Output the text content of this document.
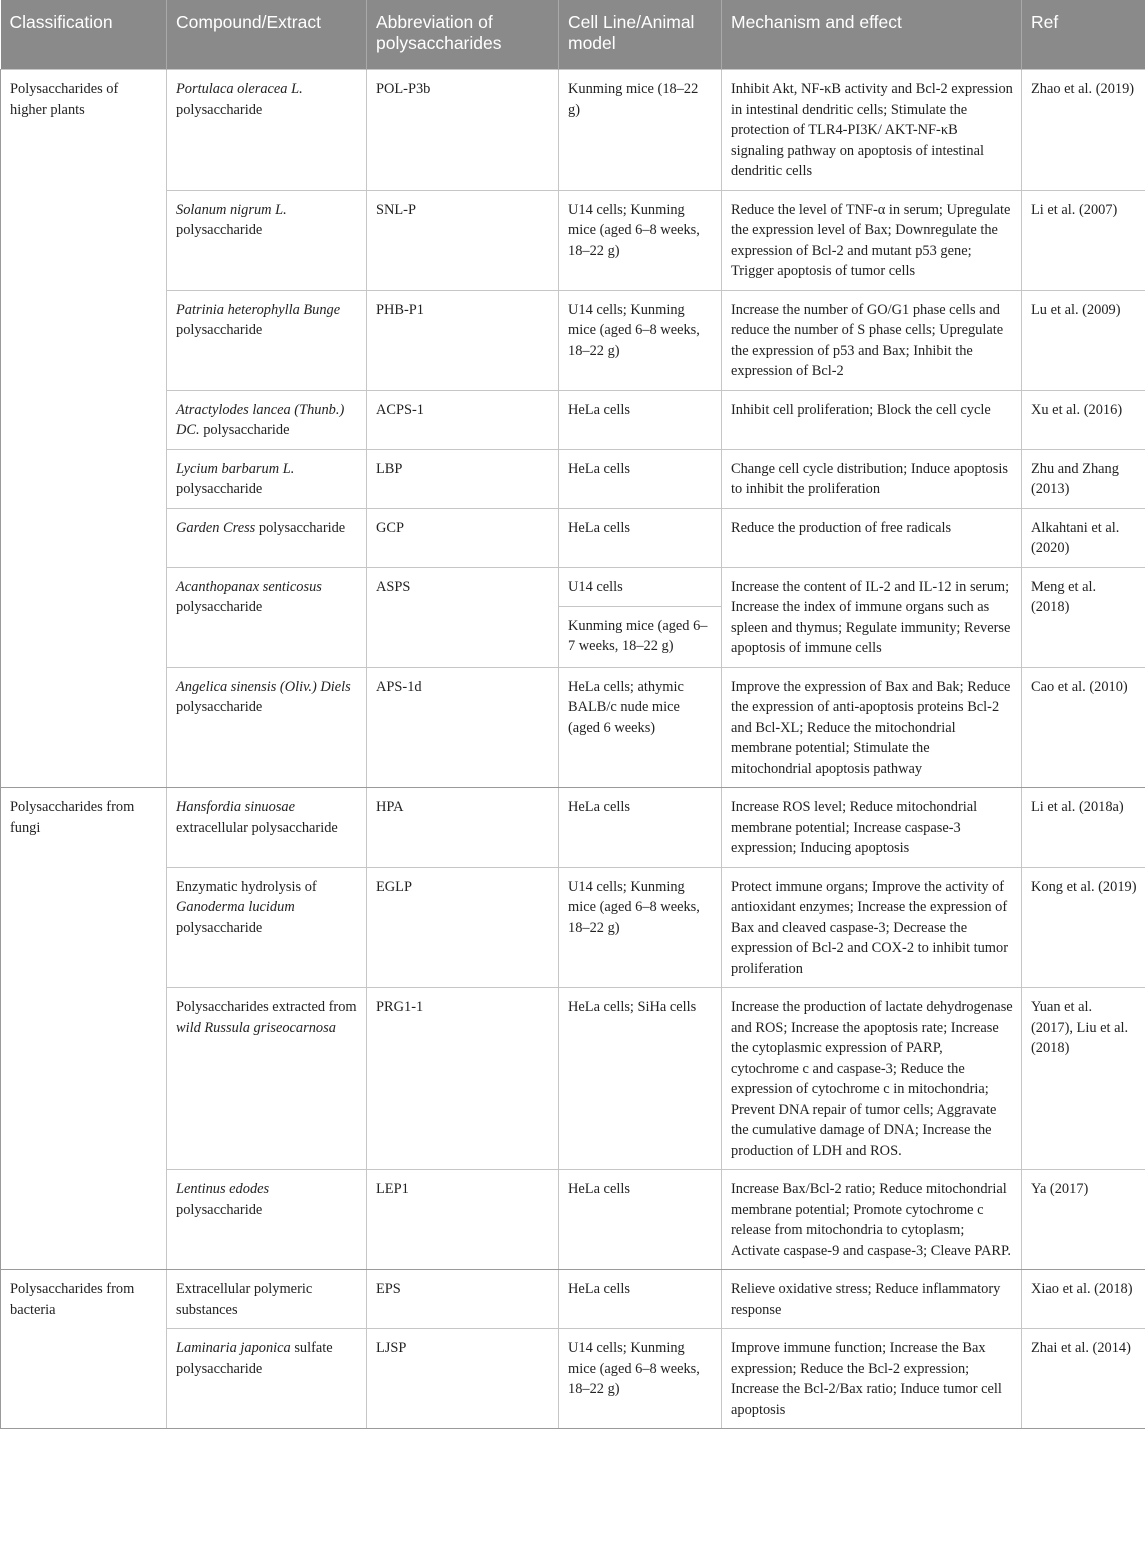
Classification	Compound/Extract	Abbreviation of polysaccharides	Cell Line/Animal model	Mechanism and effect	Ref
Polysaccharides of higher plants	Portulaca oleracea L. polysaccharide	POL-P3b	Kunming mice (18–22 g)	Inhibit Akt, NF-κB activity and Bcl-2 expression in intestinal dendritic cells; Stimulate the protection of TLR4-PI3K/ AKT-NF-κB signaling pathway on apoptosis of intestinal dendritic cells	Zhao et al. (2019)
	Solanum nigrum L. polysaccharide	SNL-P	U14 cells; Kunming mice (aged 6–8 weeks, 18–22 g)	Reduce the level of TNF-α in serum; Upregulate the expression level of Bax; Downregulate the expression of Bcl-2 and mutant p53 gene; Trigger apoptosis of tumor cells	Li et al. (2007)
	Patrinia heterophylla Bunge polysaccharide	PHB-P1	U14 cells; Kunming mice (aged 6–8 weeks, 18–22 g)	Increase the number of GO/G1 phase cells and reduce the number of S phase cells; Upregulate the expression of p53 and Bax; Inhibit the expression of Bcl-2	Lu et al. (2009)
	Atractylodes lancea (Thunb.) DC. polysaccharide	ACPS-1	HeLa cells	Inhibit cell proliferation; Block the cell cycle	Xu et al. (2016)
	Lycium barbarum L. polysaccharide	LBP	HeLa cells	Change cell cycle distribution; Induce apoptosis to inhibit the proliferation	Zhu and Zhang (2013)
	Garden Cress polysaccharide	GCP	HeLa cells	Reduce the production of free radicals	Alkahtani et al. (2020)
	Acanthopanax senticosus polysaccharide	ASPS	U14 cells	Increase the content of IL-2 and IL-12 in serum; Increase the index of immune organs such as spleen and thymus; Regulate immunity; Reverse apoptosis of immune cells	Meng et al. (2018)
			Kunming mice (aged 6–7 weeks, 18–22 g)		
	Angelica sinensis (Oliv.) Diels polysaccharide	APS-1d	HeLa cells; athymic BALB/c nude mice (aged 6 weeks)	Improve the expression of Bax and Bak; Reduce the expression of anti-apoptosis proteins Bcl-2 and Bcl-XL; Reduce the mitochondrial membrane potential; Stimulate the mitochondrial apoptosis pathway	Cao et al. (2010)
Polysaccharides from fungi	Hansfordia sinuosae extracellular polysaccharide	HPA	HeLa cells	Increase ROS level; Reduce mitochondrial membrane potential; Increase caspase-3 expression; Inducing apoptosis	Li et al. (2018a)
	Enzymatic hydrolysis of Ganoderma lucidum polysaccharide	EGLP	U14 cells; Kunming mice (aged 6–8 weeks, 18–22 g)	Protect immune organs; Improve the activity of antioxidant enzymes; Increase the expression of Bax and cleaved caspase-3; Decrease the expression of Bcl-2 and COX-2 to inhibit tumor proliferation	Kong et al. (2019)
	Polysaccharides extracted from wild Russula griseocarnosa	PRG1-1	HeLa cells; SiHa cells	Increase the production of lactate dehydrogenase and ROS; Increase the apoptosis rate; Increase the cytoplasmic expression of PARP, cytochrome c and caspase-3; Reduce the expression of cytochrome c in mitochondria; Prevent DNA repair of tumor cells; Aggravate the cumulative damage of DNA; Increase the production of LDH and ROS.	Yuan et al. (2017), Liu et al. (2018)
	Lentinus edodes polysaccharide	LEP1	HeLa cells	Increase Bax/Bcl-2 ratio; Reduce mitochondrial membrane potential; Promote cytochrome c release from mitochondria to cytoplasm; Activate caspase-9 and caspase-3; Cleave PARP.	Ya (2017)
Polysaccharides from bacteria	Extracellular polymeric substances	EPS	HeLa cells	Relieve oxidative stress; Reduce inflammatory response	Xiao et al. (2018)
	Laminaria japonica sulfate polysaccharide	LJSP	U14 cells; Kunming mice (aged 6–8 weeks, 18–22 g)	Improve immune function; Increase the Bax expression; Reduce the Bcl-2 expression; Increase the Bcl-2/Bax ratio; Induce tumor cell apoptosis	Zhai et al. (2014)
